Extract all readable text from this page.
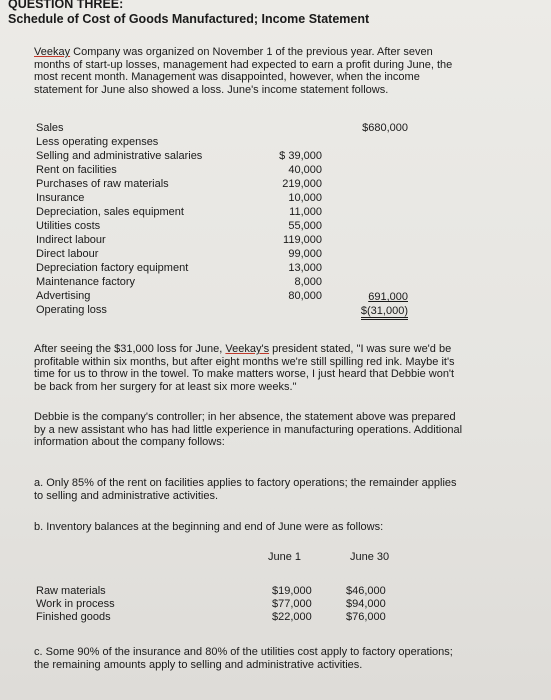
QUESTION THREE:
Schedule of Cost of Goods Manufactured; Income Statement
Veekay Company was organized on November 1 of the previous year. After seven
months of start-up losses, management had expected to earn a profit during June, the
most recent month. Management was disappointed, however, when the income
statement for June also showed a loss. June's income statement follows.
Sales	$680,000
Less operating expenses
Selling and administrative salaries	$ 39,000
Rent on facilities	40,000
Purchases of raw materials	219,000
Insurance	10,000
Depreciation, sales equipment	11,000
Utilities costs	55,000
Indirect labour	119,000
Direct labour	99,000
Depreciation factory equipment	13,000
Maintenance factory	8,000
Advertising	80,000	691,000
Operating loss	$(31,000)
After seeing the $31,000 loss for June, Veekay's president stated, "I was sure we'd be
profitable within six months, but after eight months we're still spilling red ink. Maybe it's
time for us to throw in the towel. To make matters worse, I just heard that Debbie won't
be back from her surgery for at least six more weeks."
Debbie is the company's controller; in her absence, the statement above was prepared
by a new assistant who has had little experience in manufacturing operations. Additional
information about the company follows:
a. Only 85% of the rent on facilities applies to factory operations; the remainder applies
to selling and administrative activities.
b. Inventory balances at the beginning and end of June were as follows:
June 1	June 30
Raw materials	$19,000	$46,000
Work in process	$77,000	$94,000
Finished goods	$22,000	$76,000
c. Some 90% of the insurance and 80% of the utilities cost apply to factory operations;
the remaining amounts apply to selling and administrative activities.
